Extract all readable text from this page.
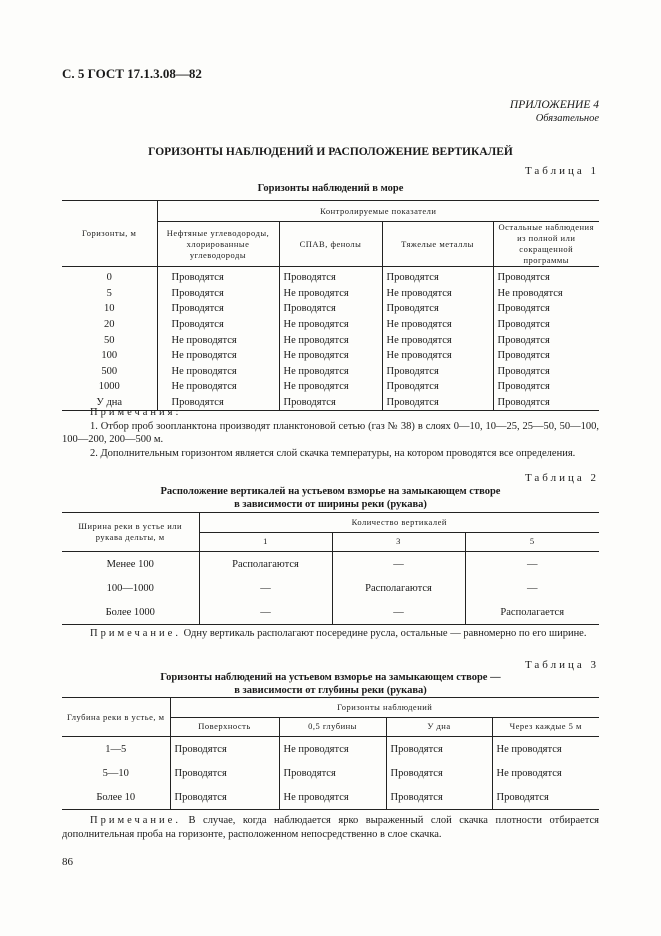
С. 5 ГОСТ 17.1.3.08—82
ПРИЛОЖЕНИЕ 4
Обязательное
ГОРИЗОНТЫ НАБЛЮДЕНИЙ И РАСПОЛОЖЕНИЕ ВЕРТИКАЛЕЙ
Таблица 1
Горизонты наблюдений в море
Горизонты, м	Контролируемые показатели			
	Нефтяные углеводороды, хлорированные углеводороды	СПАВ, фенолы	Тяжелые металлы	Остальные наблюдения из полной или сокращенной программы
0	Проводятся	Проводятся	Проводятся	Проводятся
5	Проводятся	Не проводятся	Не проводятся	Не проводятся
10	Проводятся	Проводятся	Проводятся	Проводятся
20	Проводятся	Не проводятся	Не проводятся	Проводятся
50	Не проводятся	Не проводятся	Не проводятся	Проводятся
100	Не проводятся	Не проводятся	Не проводятся	Проводятся
500	Не проводятся	Не проводятся	Проводятся	Проводятся
1000	Не проводятся	Не проводятся	Проводятся	Проводятся
У дна	Проводятся	Проводятся	Проводятся	Проводятся
Примечания:
1. Отбор проб зоопланктона производят планктоновой сетью (газ № 38) в слоях 0—10, 10—25, 25—50, 50—100, 100—200, 200—500 м.
2. Дополнительным горизонтом является слой скачка температуры, на котором проводятся все определения.
Таблица 2
Расположение вертикалей на устьевом взморье на замыкающем створе
в зависимости от ширины реки (рукава)
Ширина реки в устье или рукава дельты, м	Количество вертикалей		
	1	3	5
Менее 100	Располагаются	—	—
100—1000	—	Располагаются	—
Более 1000	—	—	Располагается
Примечание. Одну вертикаль располагают посередине русла, остальные — равномерно по его ширине.
Таблица 3
Горизонты наблюдений на устьевом взморье на замыкающем створе —
в зависимости от глубины реки (рукава)
Глубина реки в устье, м	Горизонты наблюдений			
	Поверхность	0,5 глубины	У дна	Через каждые 5 м
1—5	Проводятся	Не проводятся	Проводятся	Не проводятся
5—10	Проводятся	Проводятся	Проводятся	Не проводятся
Более 10	Проводятся	Не проводятся	Проводятся	Проводятся
Примечание. В случае, когда наблюдается ярко выраженный слой скачка плотности отбирается дополнительная проба на горизонте, расположенном непосредственно в слое скачка.
86
